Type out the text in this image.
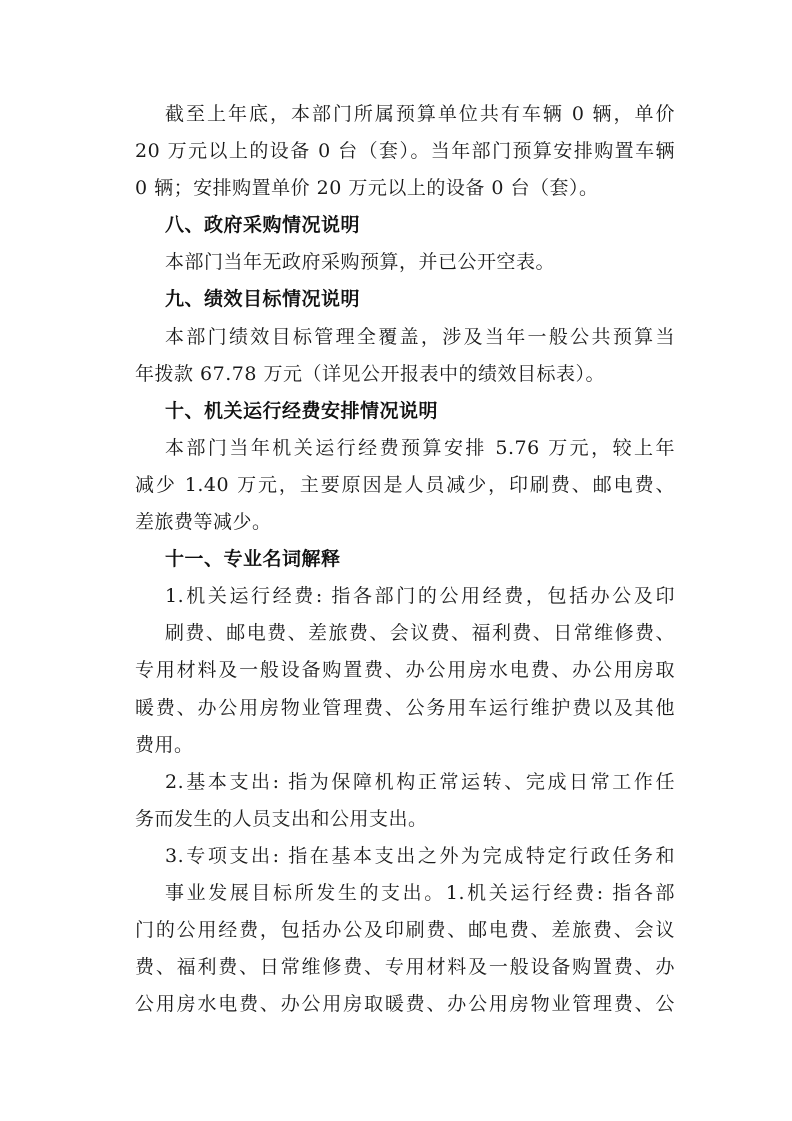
截至上年底，本部门所属预算单位共有车辆 0 辆，单价
20 万元以上的设备 0 台（套）。当年部门预算安排购置车辆
0 辆；安排购置单价 20 万元以上的设备 0 台（套）。
八、政府采购情况说明
本部门当年无政府采购预算，并已公开空表。
九、绩效目标情况说明
本部门绩效目标管理全覆盖，涉及当年一般公共预算当
年拨款 67.78 万元（详见公开报表中的绩效目标表）。
十、机关运行经费安排情况说明
本部门当年机关运行经费预算安排 5.76 万元，较上年
减少 1.40 万元，主要原因是人员减少，印刷费、邮电费、
差旅费等减少。
十一、专业名词解释
1.机关运行经费: 指各部门的公用经费，包括办公及印
刷费、邮电费、差旅费、会议费、福利费、日常维修费、
专用材料及一般设备购置费、办公用房水电费、办公用房取
暖费、办公用房物业管理费、公务用车运行维护费以及其他
费用。
2.基本支出: 指为保障机构正常运转、完成日常工作任
务而发生的人员支出和公用支出。
3.专项支出: 指在基本支出之外为完成特定行政任务和
事业发展目标所发生的支出。1.机关运行经费: 指各部
门的公用经费，包括办公及印刷费、邮电费、差旅费、会议
费、福利费、日常维修费、专用材料及一般设备购置费、办
公用房水电费、办公用房取暖费、办公用房物业管理费、公
